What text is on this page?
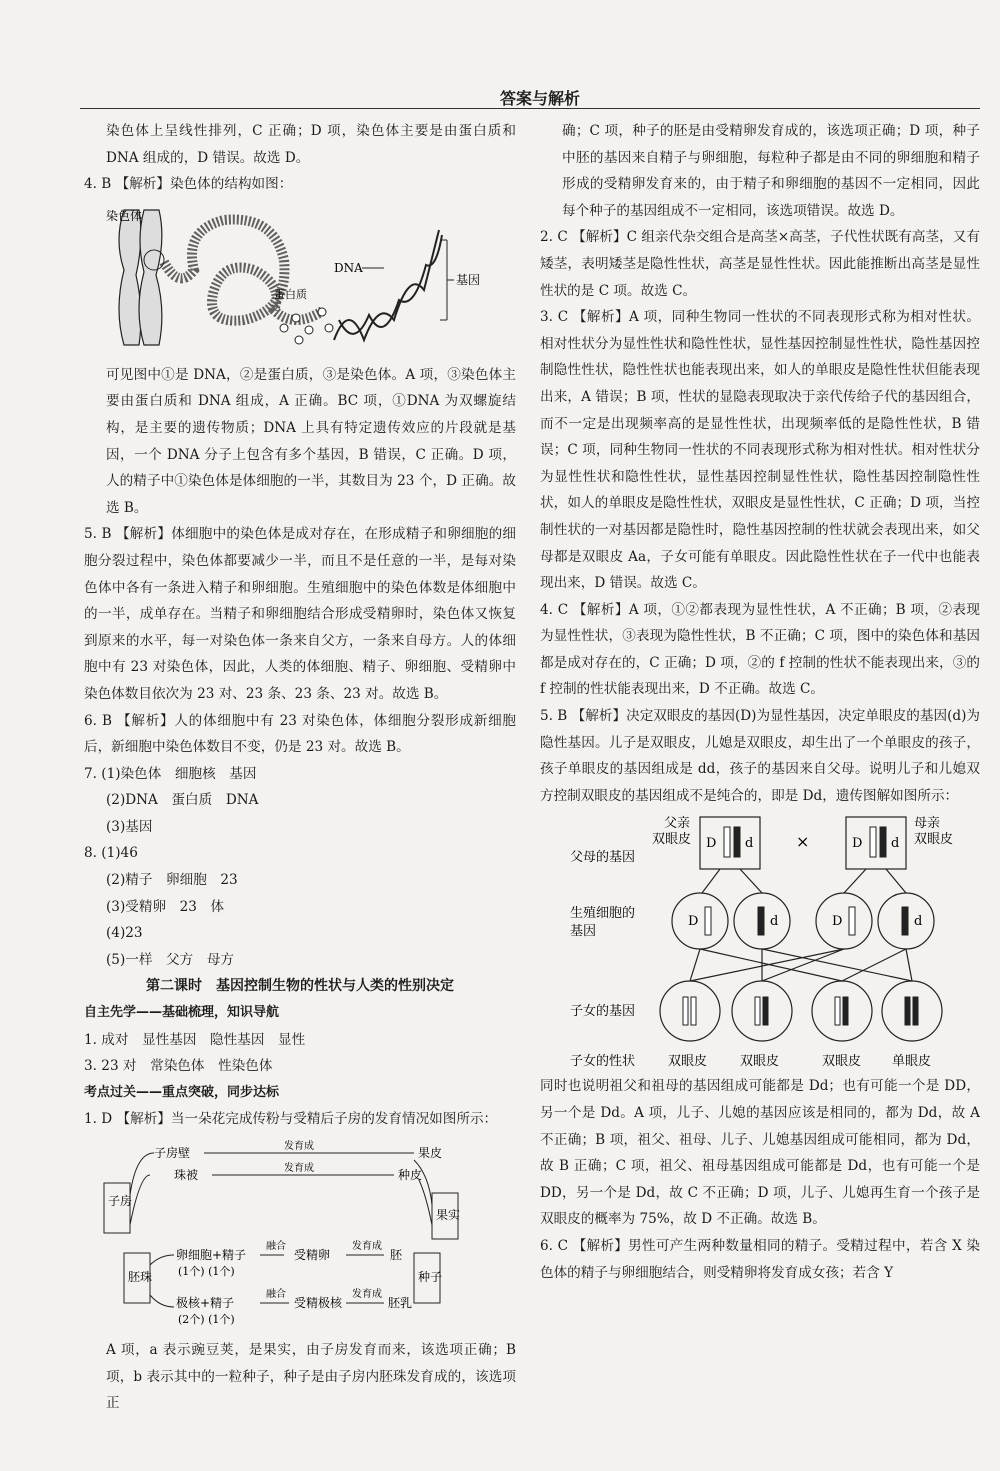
答案与解析

染色体上呈线性排列，C 正确；D 项，染色体主要是由蛋白质和 DNA 组成的，D 错误。故选 D。

4. B 【解析】染色体的结构如图：

染色体
DNA
基因
蛋白质

可见图中①是 DNA，②是蛋白质，③是染色体。A 项，③染色体主要由蛋白质和 DNA 组成，A 正确。BC 项，①DNA 为双螺旋结构，是主要的遗传物质；DNA 上具有特定遗传效应的片段就是基因，一个 DNA 分子上包含有多个基因，B 错误，C 正确。D 项，人的精子中①染色体是体细胞的一半，其数目为 23 个，D 正确。故选 B。

5. B 【解析】体细胞中的染色体是成对存在，在形成精子和卵细胞的细胞分裂过程中，染色体都要减少一半，而且不是任意的一半，是每对染色体中各有一条进入精子和卵细胞。生殖细胞中的染色体数是体细胞中的一半，成单存在。当精子和卵细胞结合形成受精卵时，染色体又恢复到原来的水平，每一对染色体一条来自父方，一条来自母方。人的体细胞中有 23 对染色体，因此，人类的体细胞、精子、卵细胞、受精卵中染色体数目依次为 23 对、23 条、23 条、23 对。故选 B。

6. B 【解析】人的体细胞中有 23 对染色体，体细胞分裂形成新细胞后，新细胞中染色体数目不变，仍是 23 对。故选 B。

7. (1)染色体　细胞核　基因

(2)DNA　蛋白质　DNA

(3)基因

8. (1)46

(2)精子　卵细胞　23

(3)受精卵　23　体

(4)23

(5)一样　父方　母方

第二课时　基因控制生物的性状与人类的性别决定

自主先学——基础梳理，知识导航

1. 成对　显性基因　隐性基因　显性

3. 23 对　常染色体　性染色体

考点过关——重点突破，同步达标

1. D 【解析】当一朵花完成传粉与受精后子房的发育情况如图所示：

子房
子房壁	发育成	果皮
珠被	发育成	种皮
果实
胚珠
卵细胞+精子
(1个) (1个)
融合
受精卵
发育成
胚
种子
极核+精子
(2个) (1个)
融合
受精极核
发育成
胚乳

A 项，a 表示豌豆荚，是果实，由子房发育而来，该选项正确；B 项，b 表示其中的一粒种子，种子是由子房内胚珠发育成的，该选项正

确；C 项，种子的胚是由受精卵发育成的，该选项正确；D 项，种子中胚的基因来自精子与卵细胞，每粒种子都是由不同的卵细胞和精子形成的受精卵发育来的，由于精子和卵细胞的基因不一定相同，因此每个种子的基因组成不一定相同，该选项错误。故选 D。

2. C 【解析】C 组亲代杂交组合是高茎×高茎，子代性状既有高茎，又有矮茎，表明矮茎是隐性性状，高茎是显性性状。因此能推断出高茎是显性性状的是 C 项。故选 C。

3. C 【解析】A 项，同种生物同一性状的不同表现形式称为相对性状。相对性状分为显性性状和隐性性状，显性基因控制显性性状，隐性基因控制隐性性状，隐性性状也能表现出来，如人的单眼皮是隐性性状但能表现出来，A 错误；B 项，性状的显隐表现取决于亲代传给子代的基因组合，而不一定是出现频率高的是显性性状，出现频率低的是隐性性状，B 错误；C 项，同种生物同一性状的不同表现形式称为相对性状。相对性状分为显性性状和隐性性状，显性基因控制显性性状，隐性基因控制隐性性状，如人的单眼皮是隐性性状，双眼皮是显性性状，C 正确；D 项，当控制性状的一对基因都是隐性时，隐性基因控制的性状就会表现出来，如父母都是双眼皮 Aa，子女可能有单眼皮。因此隐性性状在子一代中也能表现出来，D 错误。故选 C。

4. C 【解析】A 项，①②都表现为显性性状，A 不正确；B 项，②表现为显性性状，③表现为隐性性状，B 不正确；C 项，图中的染色体和基因都是成对存在的，C 正确；D 项，②的 f 控制的性状不能表现出来，③的 f 控制的性状能表现出来，D 不正确。故选 C。

5. B 【解析】决定双眼皮的基因(D)为显性基因，决定单眼皮的基因(d)为隐性基因。儿子是双眼皮，儿媳是双眼皮，却生出了一个单眼皮的孩子，孩子单眼皮的基因组成是 dd，孩子的基因来自父母。说明儿子和儿媳双方控制双眼皮的基因组成不是纯合的，即是 Dd，遗传图解如图所示：

D d	D d
D	d	D	d
父亲
双眼皮
母亲
双眼皮
×
父母的基因
生殖细胞的
基因
子女的基因
子女的性状	双眼皮	双眼皮	双眼皮 单眼皮

同时也说明祖父和祖母的基因组成可能都是 Dd；也有可能一个是 DD，另一个是 Dd。A 项，儿子、儿媳的基因应该是相同的，都为 Dd，故 A 不正确；B 项，祖父、祖母、儿子、儿媳基因组成可能相同，都为 Dd，故 B 正确；C 项，祖父、祖母基因组成可能都是 Dd，也有可能一个是 DD，另一个是 Dd，故 C 不正确；D 项，儿子、儿媳再生育一个孩子是双眼皮的概率为 75%，故 D 不正确。故选 B。

6. C 【解析】男性可产生两种数量相同的精子。受精过程中，若含 X 染色体的精子与卵细胞结合，则受精卵将发育成女孩；若含 Y
